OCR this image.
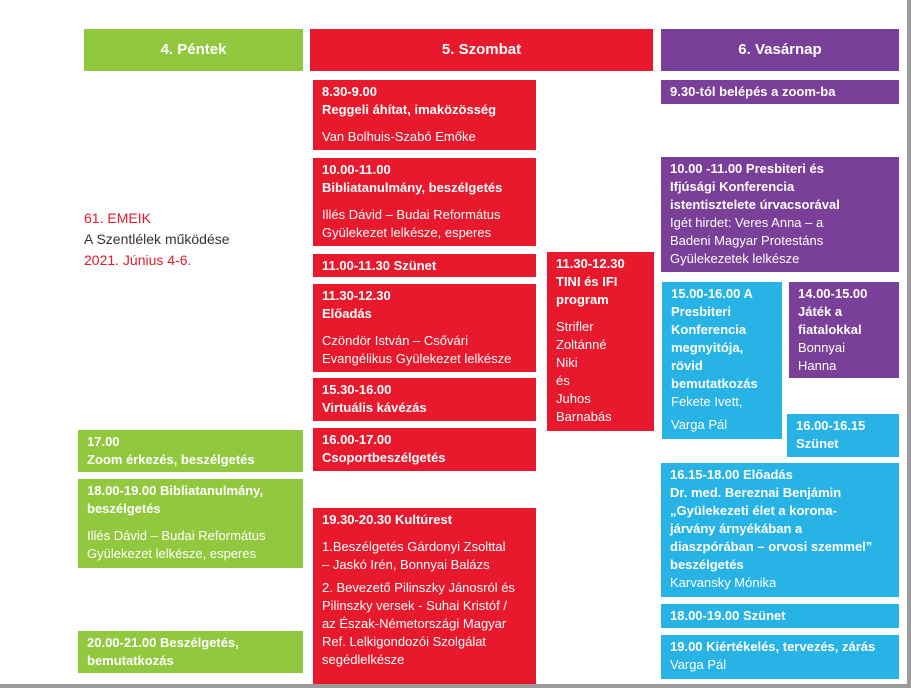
4. Péntek	5. Szombat	6. Vasárnap
61. EMEIK
A Szentlélek működése
2021. Június 4-6.
17.00
Zoom érkezés, beszélgetés
18.00-19.00 Bibliatanulmány,
beszélgetés
Illés Dávid – Budai Református
Gyülekezet lelkésze, esperes
20.00-21.00 Beszélgetés,
bemutatkozás
8.30-9.00
Reggeli áhítat, imaközösség
Van Bolhuis-Szabó Emőke
10.00-11.00
Bibliatanulmány, beszélgetés
Illés Dávid – Budai Református
Gyülekezet lelkésze, esperes
11.00-11.30 Szünet
11.30-12.30
Előadás
Czöndör István – Csővári
Evangélikus Gyülekezet lelkésze
15.30-16.00
Virtuális kávézás
16.00-17.00
Csoportbeszélgetés
19.30-20.30 Kultúrest
1.Beszélgetés Gárdonyi Zsolttal
– Jaskó Irén, Bonnyai Balázs
2. Bevezető Pilinszky Jánosról és
Pilinszky versek - Suhai Kristóf /
az Észak-Németországi Magyar
Ref. Lelkigondozói Szolgálat
segédlelkésze
11.30-12.30
TINI és IFI
program
Strifler
Zoltánné
Niki
és
Juhos
Barnabás
9.30-tól belépés a zoom-ba
10.00 -11.00 Presbiteri és
Ifjúsági Konferencia
istentisztelete úrvacsorával
Igét hirdet: Veres Anna – a
Badeni Magyar Protestáns
Gyülekezetek lelkésze
15.00-16.00 A
Presbiteri
Konferencia
megnyitója,
rövid
bemutatkozás
Fekete Ivett,
Varga Pál
14.00-15.00
Játék a
fiatalokkal
Bonnyai
Hanna
16.00-16.15
Szünet
16.15-18.00 Előadás
Dr. med. Bereznai Benjámin
„Gyülekezeti élet a korona-
járvány árnyékában a
diaszpórában – orvosi szemmel”
beszélgetés
Karvansky Mónika
18.00-19.00 Szünet
19.00 Kiértékelés, tervezés, zárás
Varga Pál
